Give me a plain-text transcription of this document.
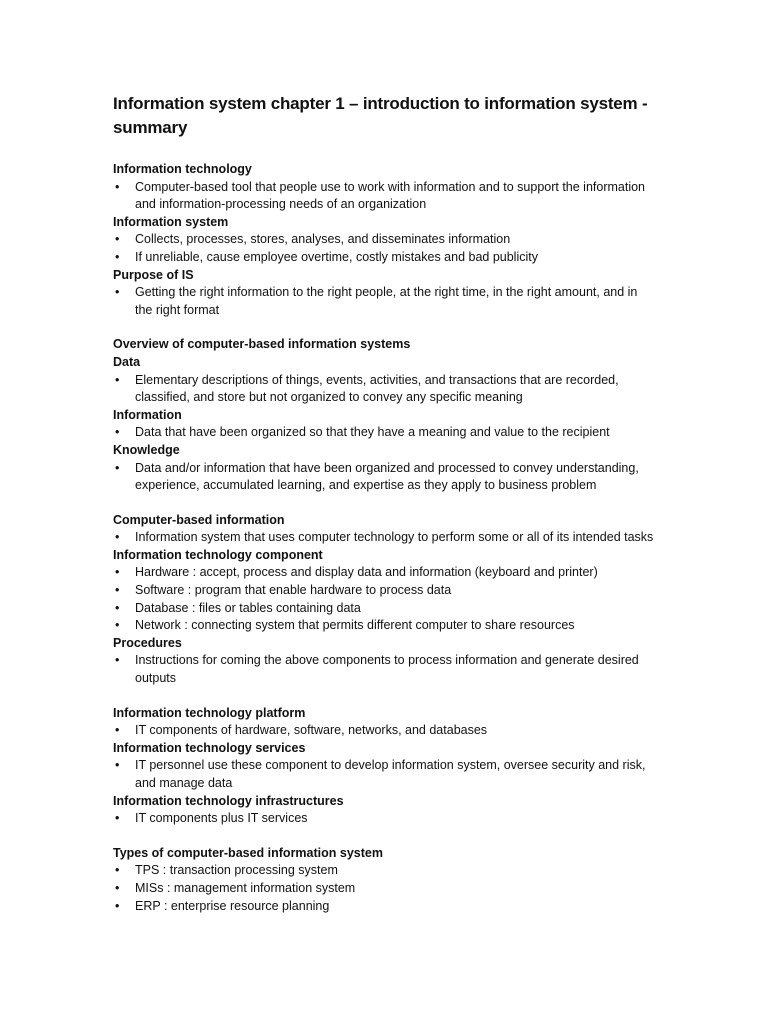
Information system chapter 1 – introduction to information system - summary
Information technology
• Computer-based tool that people use to work with information and to support the information and information-processing needs of an organization
Information system
• Collects, processes, stores, analyses, and disseminates information
• If unreliable, cause employee overtime, costly mistakes and bad publicity
Purpose of IS
• Getting the right information to the right people, at the right time, in the right amount, and in the right format
Overview of computer-based information systems
Data
• Elementary descriptions of things, events, activities, and transactions that are recorded, classified, and store but not organized to convey any specific meaning
Information
• Data that have been organized so that they have a meaning and value to the recipient
Knowledge
• Data and/or information that have been organized and processed to convey understanding, experience, accumulated learning, and expertise as they apply to business problem
Computer-based information
• Information system that uses computer technology to perform some or all of its intended tasks
Information technology component
• Hardware : accept, process and display data and information (keyboard and printer)
• Software : program that enable hardware to process data
• Database : files or tables containing data
• Network : connecting system that permits different computer to share resources
Procedures
• Instructions for coming the above components to process information and generate desired outputs
Information technology platform
• IT components of hardware, software, networks, and databases
Information technology services
• IT personnel use these component to develop information system, oversee security and risk, and manage data
Information technology infrastructures
• IT components plus IT services
Types of computer-based information system
• TPS : transaction processing system
• MISs : management information system
• ERP : enterprise resource planning
